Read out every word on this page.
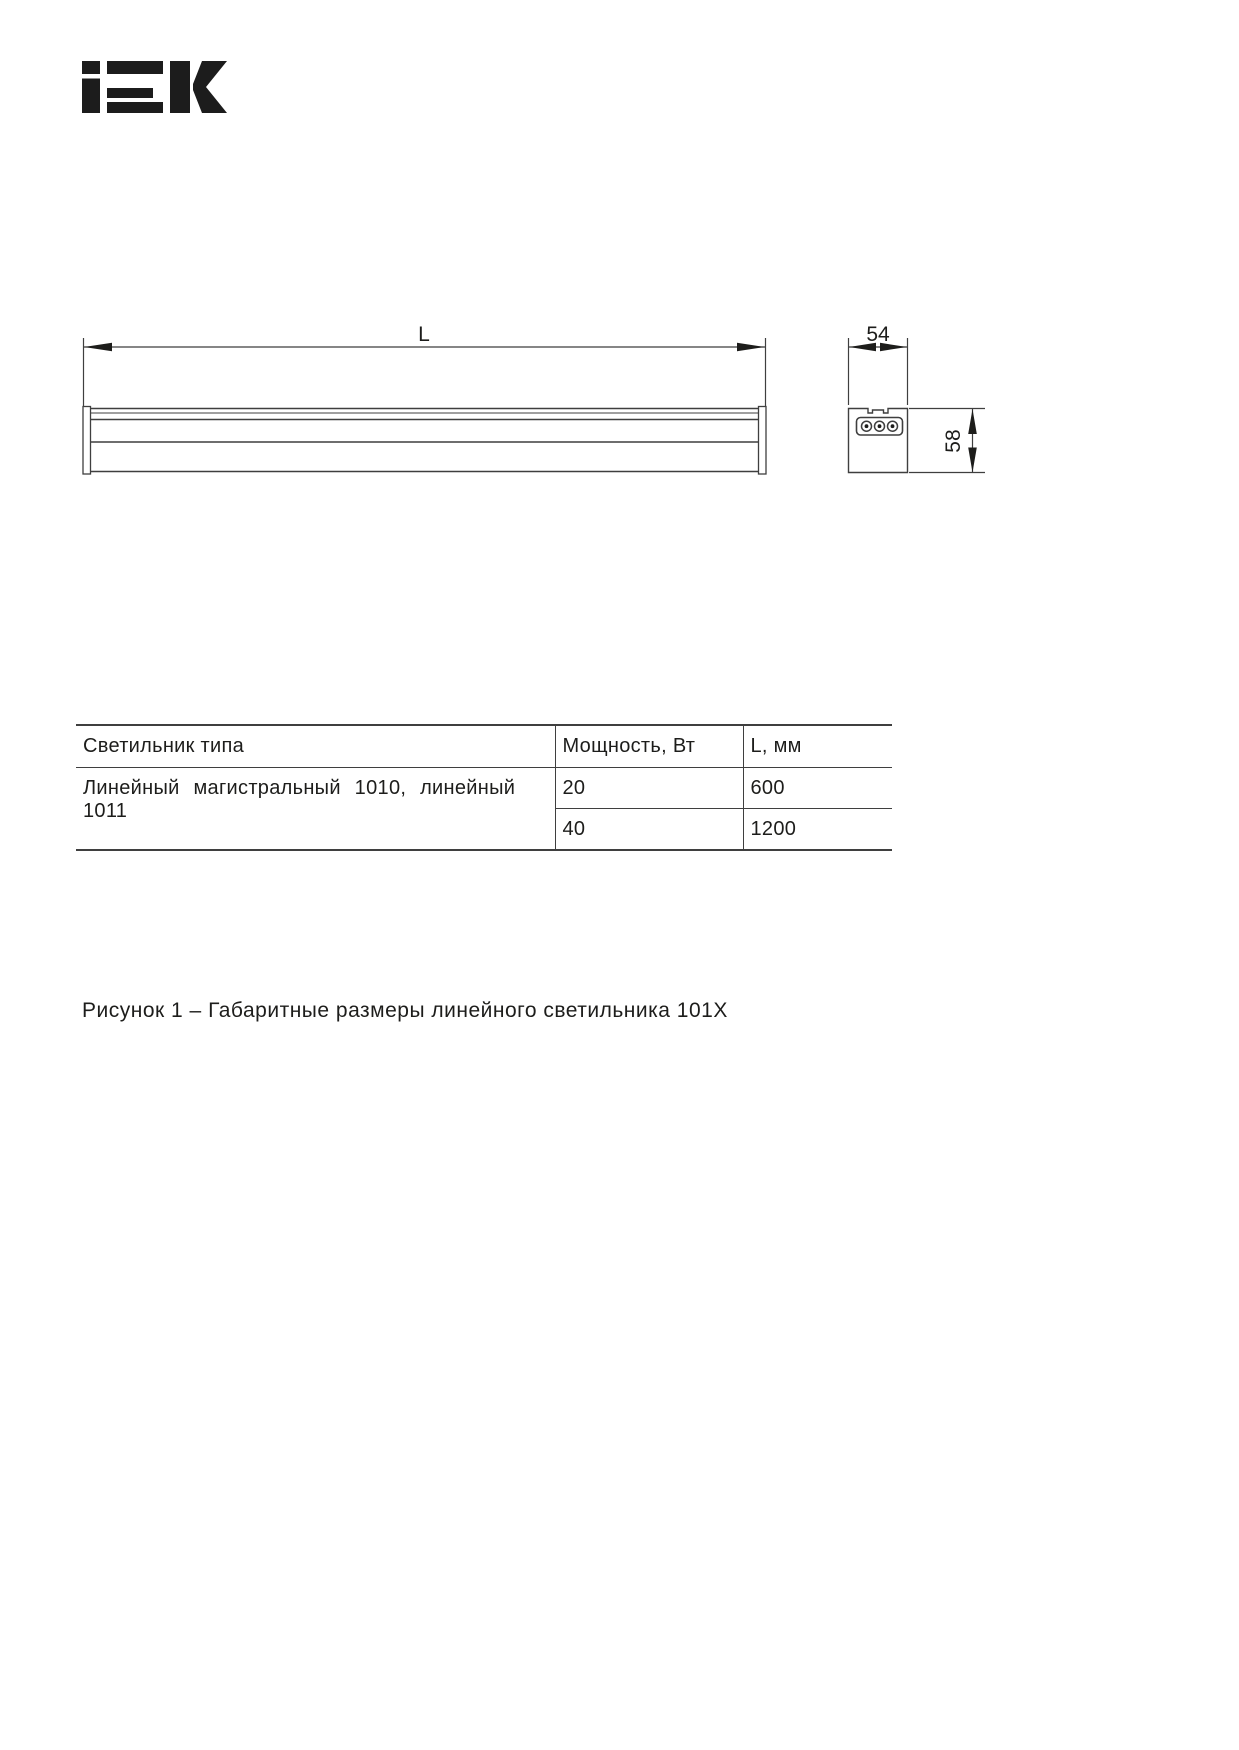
L	54
58
Светильник типа	Мощность, Вт	L, мм
Линейный магистральный 1010, линейный 1011	20	600
	40	1200
Рисунок 1 – Габаритные размеры линейного светильника 101Х
